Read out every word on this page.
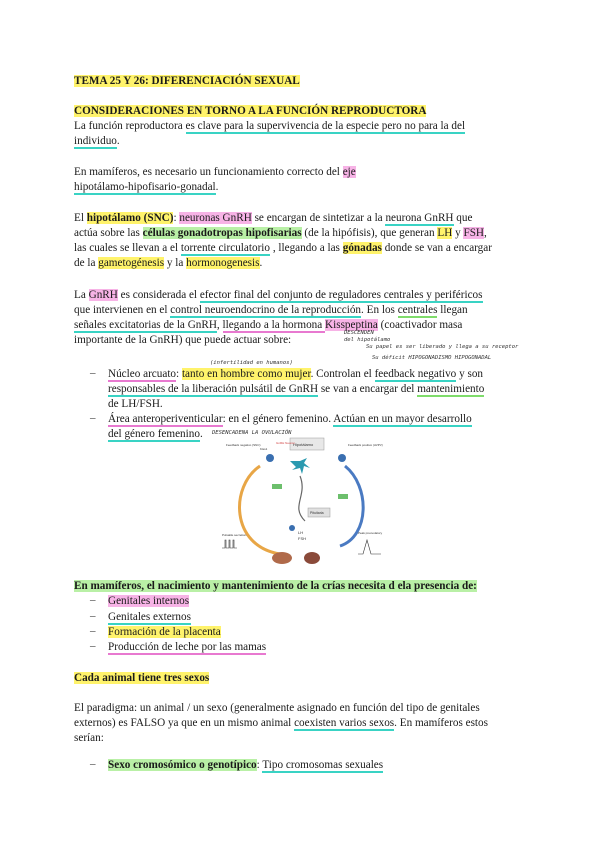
TEMA 25 Y 26: DIFERENCIACIÓN SEXUAL
CONSIDERACIONES EN TORNO A LA FUNCIÓN REPRODUCTORA
La función reproductora es clave para la supervivencia de la especie pero no para la del
individuo.
En mamíferos, es necesario un funcionamiento correcto del eje
hipotálamo-hipofisario-gonadal.
El hipotálamo (SNC): neuronas GnRH se encargan de sintetizar a la neurona GnRH que
actúa sobre las células gonadotropas hipofisarias (de la hipófisis), que generan LH y FSH,
las cuales se llevan a el torrente circulatorio , llegando a las gónadas donde se van a encargar
de la gametogénesis y la hormonogenesis.
La GnRH es considerada el efector final del conjunto de reguladores centrales y periféricos
que intervienen en el control neuroendocrino de la reproducción. En los centrales llegan
señales excitatorias de la GnRH, llegando a la hormona Kisspeptina (coactivador masa
importante de la GnRH) que puede actuar sobre:
DESCENDEN
del hipotálamo
Su papel es ser liberado y llega a su receptor
Su déficit HIPOGONADISMO HIPOGONADAL
(infertilidad en humanos)
– Núcleo arcuato: tanto en hombre como mujer. Controlan el feedback negativo y son
responsables de la liberación pulsátil de GnRH se van a encargar del mantenimiento
de LH/FSH.
– Área anteroperiventicular: en el género femenino. Actúan en un mayor desarrollo
del género femenino. DESENCADENA LA OVULACIÓN
Hipotálamo
Pituitaria
LH
FSH
Pulsatile secretion	Peak preovulatory
Feedback negativo (SNC)
Kiss1
GnRH Neuron	Feedback positivo (AVPV)
En mamíferos, el nacimiento y mantenimiento de la crías necesita d ela presencia de:
– Genitales internos
– Genitales externos
– Formación de la placenta
– Producción de leche por las mamas
Cada animal tiene tres sexos
El paradigma: un animal / un sexo (generalmente asignado en función del tipo de genitales
externos) es FALSO ya que en un mismo animal coexisten varios sexos. En mamíferos estos
serían:
– Sexo cromosómico o genotípico: Tipo cromosomas sexuales
